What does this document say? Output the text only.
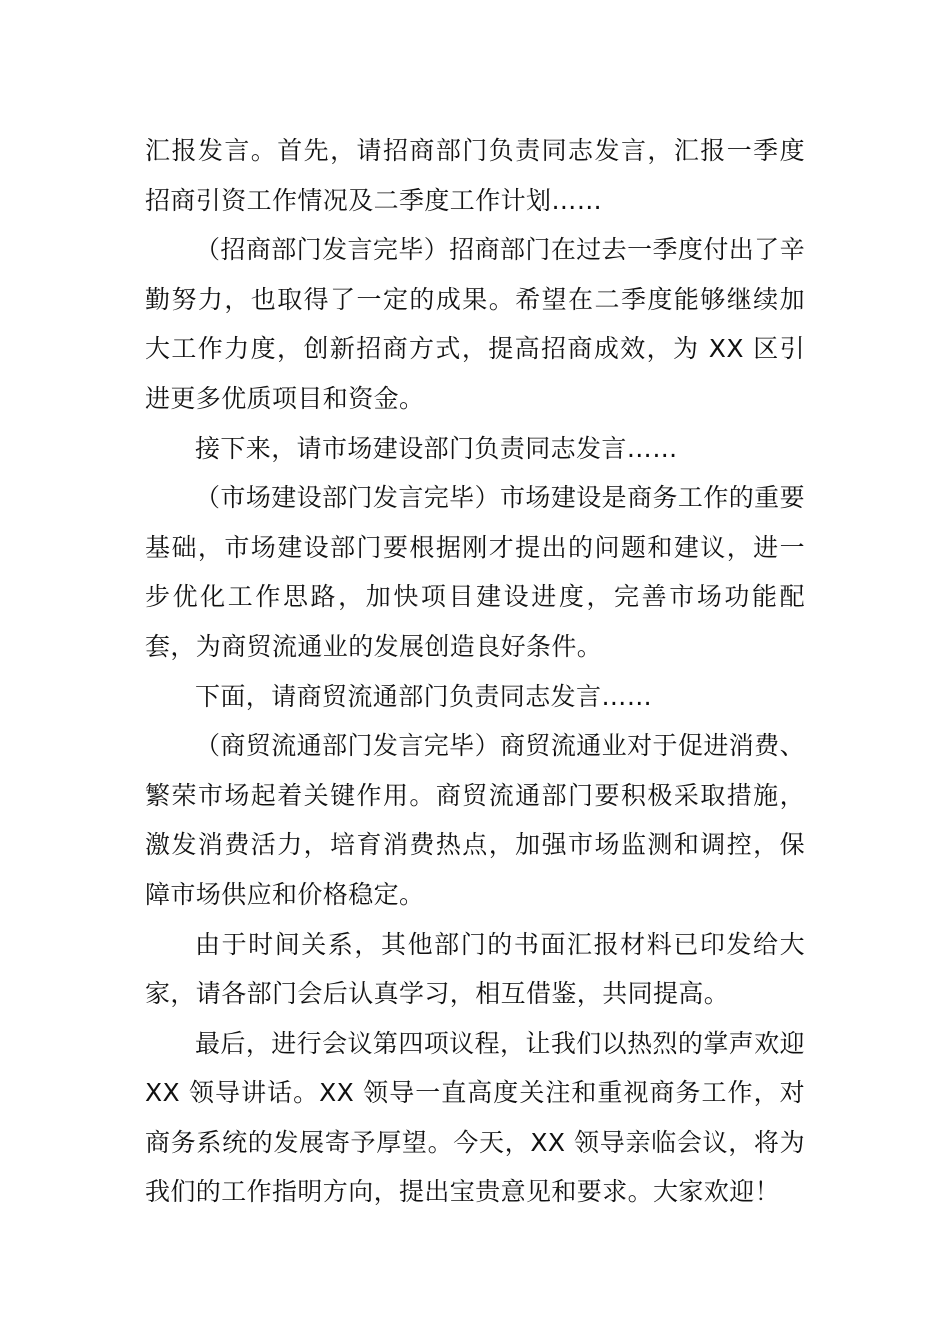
汇报发言。首先，请招商部门负责同志发言，汇报一季度招商引资工作情况及二季度工作计划……

（招商部门发言完毕）招商部门在过去一季度付出了辛勤努力，也取得了一定的成果。希望在二季度能够继续加大工作力度，创新招商方式，提高招商成效，为 XX 区引进更多优质项目和资金。

接下来，请市场建设部门负责同志发言……

（市场建设部门发言完毕）市场建设是商务工作的重要基础，市场建设部门要根据刚才提出的问题和建议，进一步优化工作思路，加快项目建设进度，完善市场功能配套，为商贸流通业的发展创造良好条件。

下面，请商贸流通部门负责同志发言……

（商贸流通部门发言完毕）商贸流通业对于促进消费、繁荣市场起着关键作用。商贸流通部门要积极采取措施，激发消费活力，培育消费热点，加强市场监测和调控，保障市场供应和价格稳定。

由于时间关系，其他部门的书面汇报材料已印发给大家，请各部门会后认真学习，相互借鉴，共同提高。

最后，进行会议第四项议程，让我们以热烈的掌声欢迎 XX 领导讲话。XX 领导一直高度关注和重视商务工作，对商务系统的发展寄予厚望。今天，XX 领导亲临会议，将为我们的工作指明方向，提出宝贵意见和要求。大家欢迎！
